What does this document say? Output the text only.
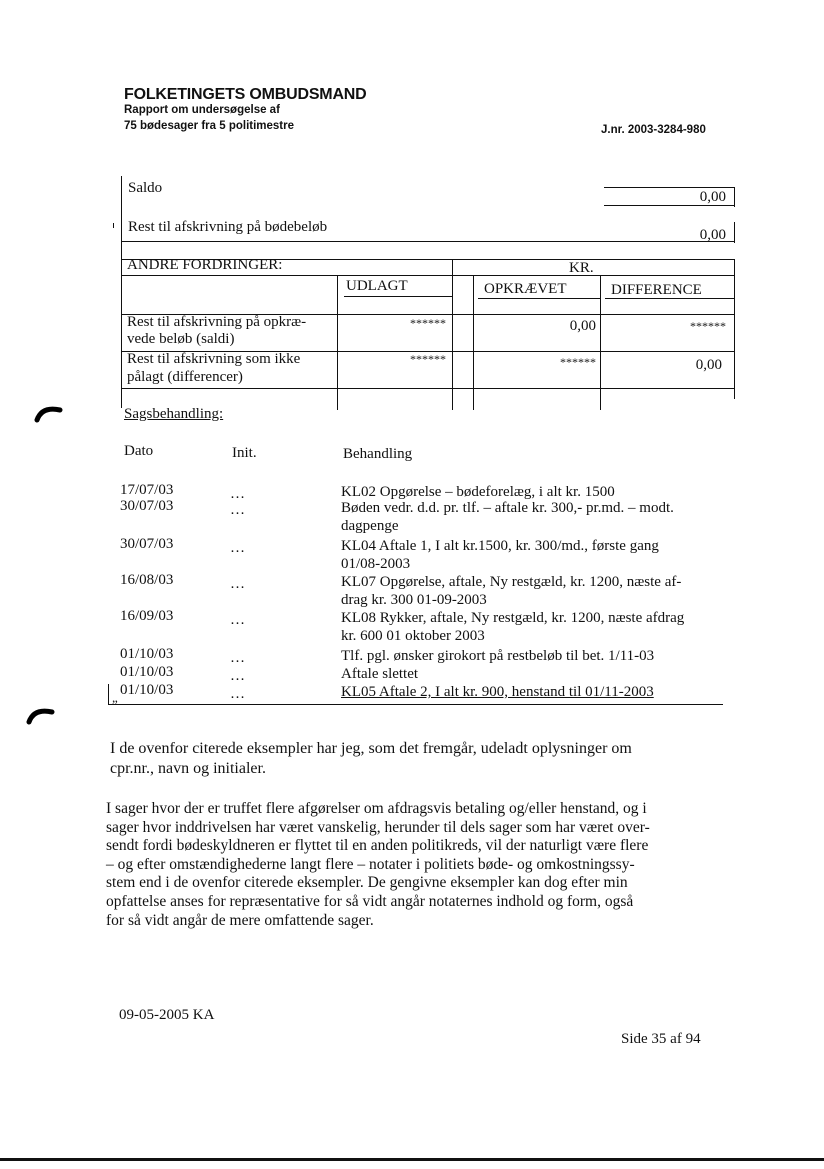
FOLKETINGETS OMBUDSMAND
Rapport om undersøgelse af
75 bødesager fra 5 politimestre	J.nr. 2003-3284-980
Saldo
0,00
Rest til afskrivning på bødebeløb	0,00
ANDRE FORDRINGER:	KR.
UDLAGT	OPKRÆVET	DIFFERENCE
Rest til afskrivning på opkræ-
vede beløb (saldi)
******	0,00	******
Rest til afskrivning som ikke
pålagt (differencer)
******	******	0,00
Sagsbehandling:
Dato	Init.	Behandling
17/07/03	…	KL02 Opgørelse – bødeforelæg, i alt kr. 1500
30/07/03	…	Bøden vedr. d.d. pr. tlf. – aftale kr. 300,- pr.md. – modt.
dagpenge
30/07/03	…	KL04 Aftale 1, I alt kr.1500, kr. 300/md., første gang
01/08-2003
16/08/03	…	KL07 Opgørelse, aftale, Ny restgæld, kr. 1200, næste af-
drag kr. 300 01-09-2003
16/09/03	…	KL08 Rykker, aftale, Ny restgæld, kr. 1200, næste afdrag
kr. 600 01 oktober 2003
01/10/03	…	Tlf. pgl. ønsker girokort på restbeløb til bet. 1/11-03
01/10/03	…	Aftale slettet
01/10/03	…	KL05 Aftale 2, I alt kr. 900, henstand til 01/11-2003
”
I de ovenfor citerede eksempler har jeg, som det fremgår, udeladt oplysninger om
cpr.nr., navn og initialer.
I sager hvor der er truffet flere afgørelser om afdragsvis betaling og/eller henstand, og i
sager hvor inddrivelsen har været vanskelig, herunder til dels sager som har været over-
sendt fordi bødeskyldneren er flyttet til en anden politikreds, vil der naturligt være flere
– og efter omstændighederne langt flere – notater i politiets bøde- og omkostningssy-
stem end i de ovenfor citerede eksempler. De gengivne eksempler kan dog efter min
opfattelse anses for repræsentative for så vidt angår notaternes indhold og form, også
for så vidt angår de mere omfattende sager.
09-05-2005 KA
Side 35 af 94
